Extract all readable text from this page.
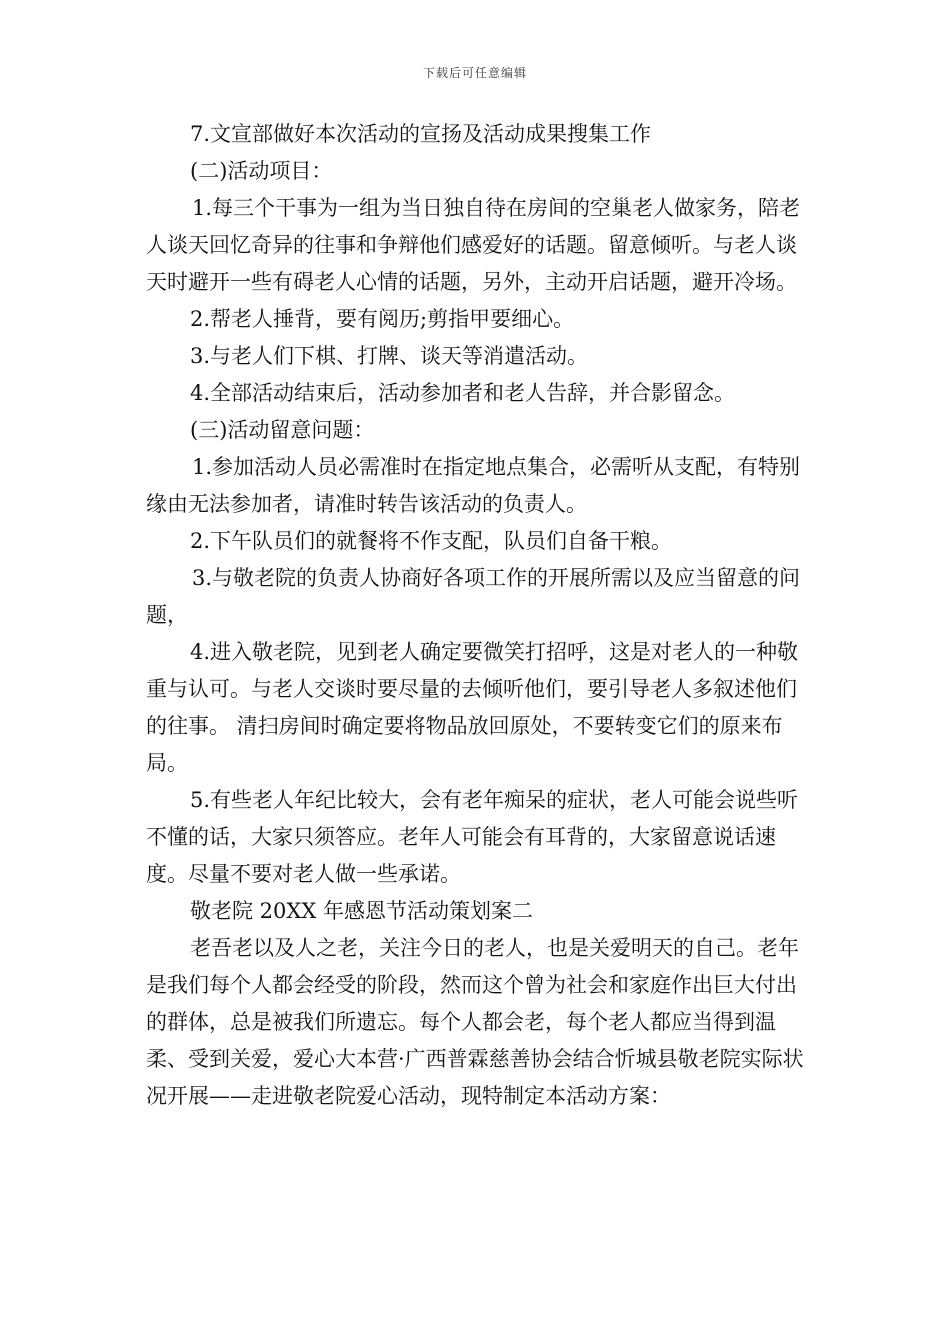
下载后可任意编辑

7.文宣部做好本次活动的宣扬及活动成果搜集工作

(二)活动项目：

1.每三个干事为一组为当日独自待在房间的空巢老人做家务，陪老人谈天回忆奇异的往事和争辩他们感爱好的话题。留意倾听。与老人谈天时避开一些有碍老人心情的话题，另外，主动开启话题，避开冷场。

2.帮老人捶背，要有阅历;剪指甲要细心。

3.与老人们下棋、打牌、谈天等消遣活动。

4.全部活动结束后，活动参加者和老人告辞，并合影留念。

(三)活动留意问题：

1.参加活动人员必需准时在指定地点集合，必需听从支配，有特别缘由无法参加者，请准时转告该活动的负责人。

2.下午队员们的就餐将不作支配，队员们自备干粮。

3.与敬老院的负责人协商好各项工作的开展所需以及应当留意的问题，

4.进入敬老院，见到老人确定要微笑打招呼，这是对老人的一种敬重与认可。与老人交谈时要尽量的去倾听他们，要引导老人多叙述他们的往事。 清扫房间时确定要将物品放回原处，不要转变它们的原来布局。

5.有些老人年纪比较大，会有老年痴呆的症状，老人可能会说些听不懂的话，大家只须答应。老年人可能会有耳背的，大家留意说话速度。尽量不要对老人做一些承诺。

敬老院 20XX 年感恩节活动策划案二

老吾老以及人之老，关注今日的老人，也是关爱明天的自己。老年是我们每个人都会经受的阶段，然而这个曾为社会和家庭作出巨大付出的群体，总是被我们所遗忘。每个人都会老，每个老人都应当得到温柔、受到关爱，爱心大本营·广西普霖慈善协会结合忻城县敬老院实际状况开展——走进敬老院爱心活动，现特制定本活动方案：
